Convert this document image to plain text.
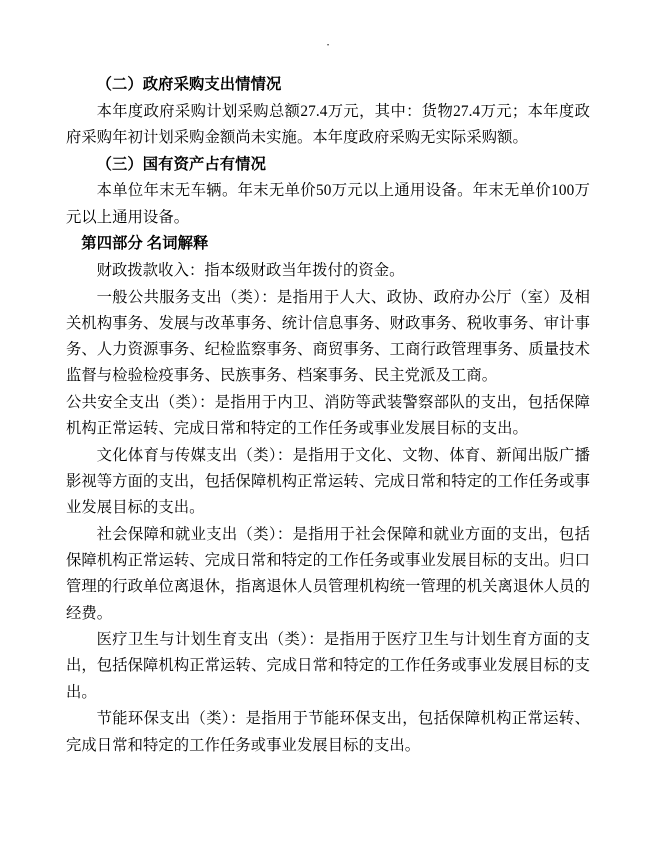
·

（二）政府采购支出情情况

本年度政府采购计划采购总额27.4万元，其中：货物27.4万元；本年度政府采购年初计划采购金额尚未实施。本年度政府采购无实际采购额。

（三）国有资产占有情况

本单位年末无车辆。年末无单价50万元以上通用设备。年末无单价100万元以上通用设备。

第四部分 名词解释

财政拨款收入：指本级财政当年拨付的资金。

一般公共服务支出（类）：是指用于人大、政协、政府办公厅（室）及相关机构事务、发展与改革事务、统计信息事务、财政事务、税收事务、审计事务、人力资源事务、纪检监察事务、商贸事务、工商行政管理事务、质量技术监督与检验检疫事务、民族事务、档案事务、民主党派及工商。

公共安全支出（类）：是指用于内卫、消防等武装警察部队的支出，包括保障机构正常运转、完成日常和特定的工作任务或事业发展目标的支出。

文化体育与传媒支出（类）：是指用于文化、文物、体育、新闻出版广播影视等方面的支出，包括保障机构正常运转、完成日常和特定的工作任务或事业发展目标的支出。

社会保障和就业支出（类）：是指用于社会保障和就业方面的支出，包括保障机构正常运转、完成日常和特定的工作任务或事业发展目标的支出。归口管理的行政单位离退休，指离退休人员管理机构统一管理的机关离退休人员的经费。

医疗卫生与计划生育支出（类）：是指用于医疗卫生与计划生育方面的支出，包括保障机构正常运转、完成日常和特定的工作任务或事业发展目标的支出。

节能环保支出（类）：是指用于节能环保支出，包括保障机构正常运转、完成日常和特定的工作任务或事业发展目标的支出。
